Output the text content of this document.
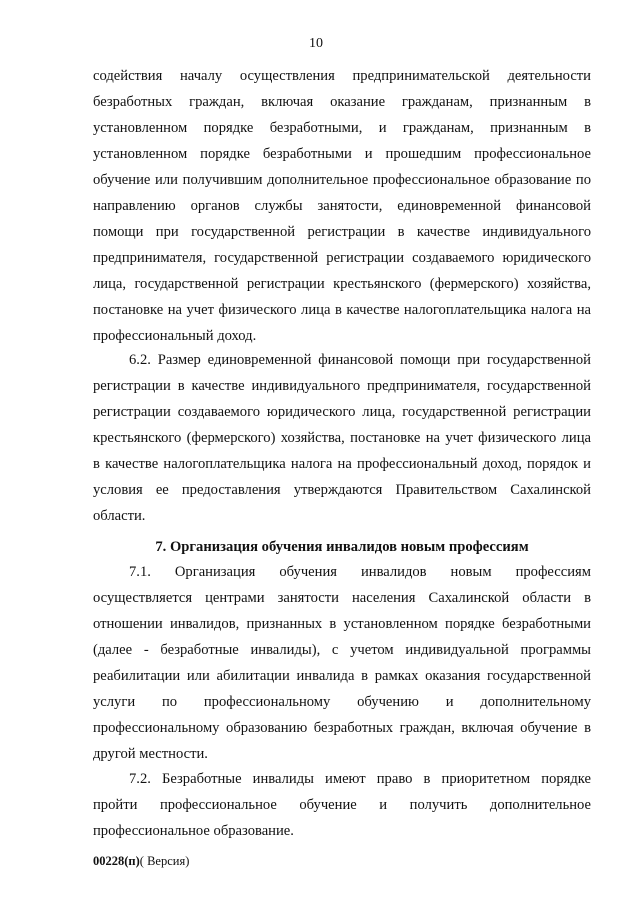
10
содействия началу осуществления предпринимательской деятельности
безработных граждан, включая оказание гражданам, признанным в
установленном порядке безработными, и гражданам, признанным в
установленном порядке безработными и прошедшим профессиональное
обучение или получившим дополнительное профессиональное образование по
направлению органов службы занятости, единовременной финансовой
помощи при государственной регистрации в качестве индивидуального
предпринимателя, государственной регистрации создаваемого юридического
лица, государственной регистрации крестьянского (фермерского) хозяйства,
постановке на учет физического лица в качестве налогоплательщика налога на
профессиональный доход.
6.2. Размер единовременной финансовой помощи при государственной
регистрации в качестве индивидуального предпринимателя, государственной
регистрации создаваемого юридического лица, государственной регистрации
крестьянского (фермерского) хозяйства, постановке на учет физического лица
в качестве налогоплательщика налога на профессиональный доход, порядок и
условия ее предоставления утверждаются Правительством Сахалинской
области.
7. Организация обучения инвалидов новым профессиям
7.1. Организация обучения инвалидов новым профессиям
осуществляется центрами занятости населения Сахалинской области в
отношении инвалидов, признанных в установленном порядке безработными
(далее - безработные инвалиды), с учетом индивидуальной программы
реабилитации или абилитации инвалида в рамках оказания государственной
услуги по профессиональному обучению и дополнительному
профессиональному образованию безработных граждан, включая обучение в
другой местности.
7.2. Безработные инвалиды имеют право в приоритетном порядке
пройти профессиональное обучение и получить дополнительное
профессиональное образование.
00228(п)( Версия)
